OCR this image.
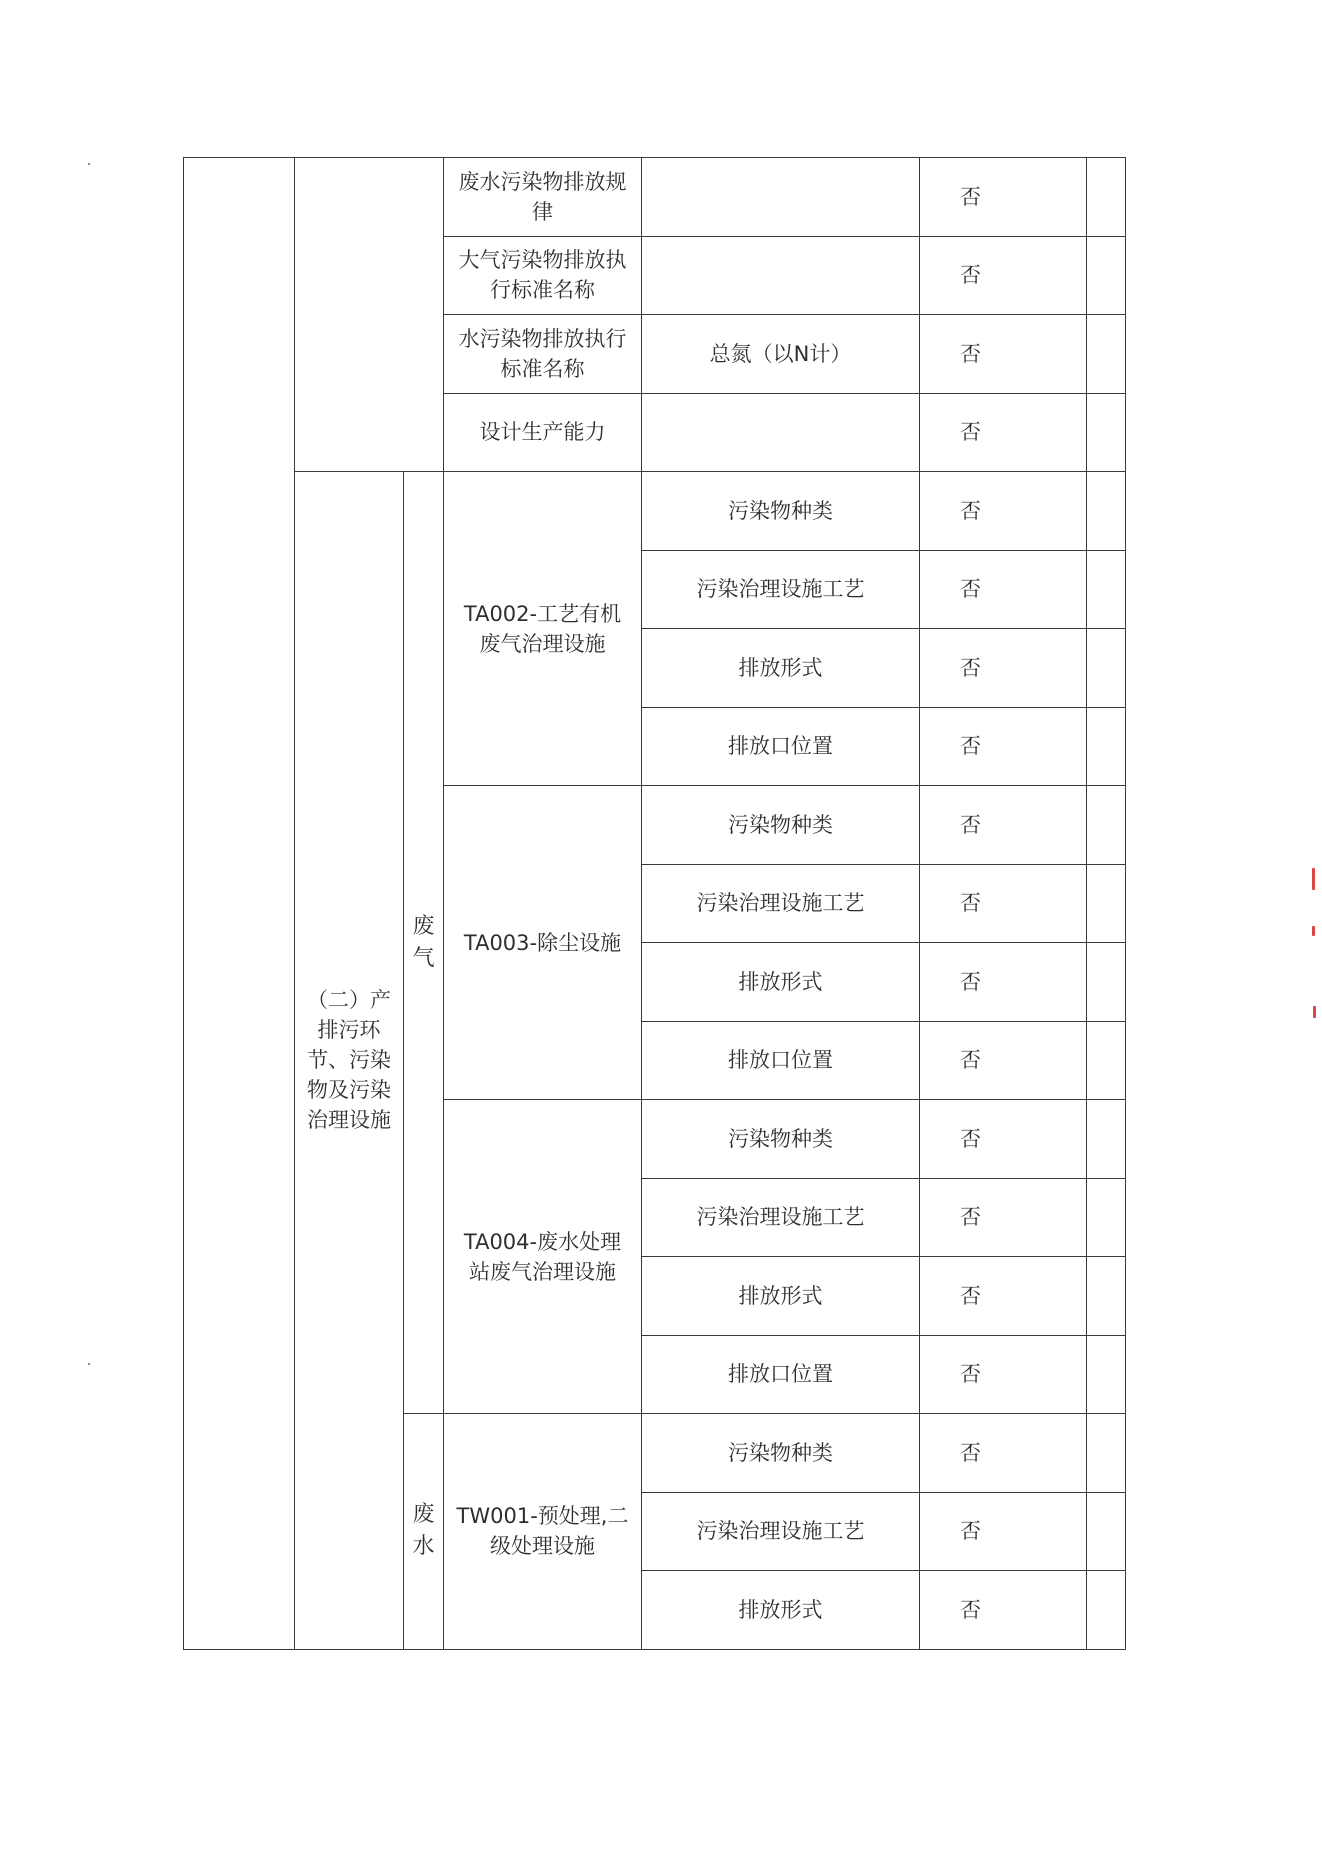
			废水污染物排放规律		否	
			大气污染物排放执行标准名称		否	
			水污染物排放执行标准名称	总氮（以N计）	否	
			设计生产能力		否	
	（二）产排污环节、污染物及污染治理设施	废气	TA002-工艺有机废气治理设施	污染物种类	否	
				污染治理设施工艺	否	
				排放形式	否	
				排放口位置	否	
			TA003-除尘设施	污染物种类	否	
				污染治理设施工艺	否	
				排放形式	否	
				排放口位置	否	
			TA004-废水处理站废气治理设施	污染物种类	否	
				污染治理设施工艺	否	
				排放形式	否	
				排放口位置	否	

		废水	TW001-预处理,二级处理设施	污染物种类	否	
				污染治理设施工艺	否	
				排放形式	否	
